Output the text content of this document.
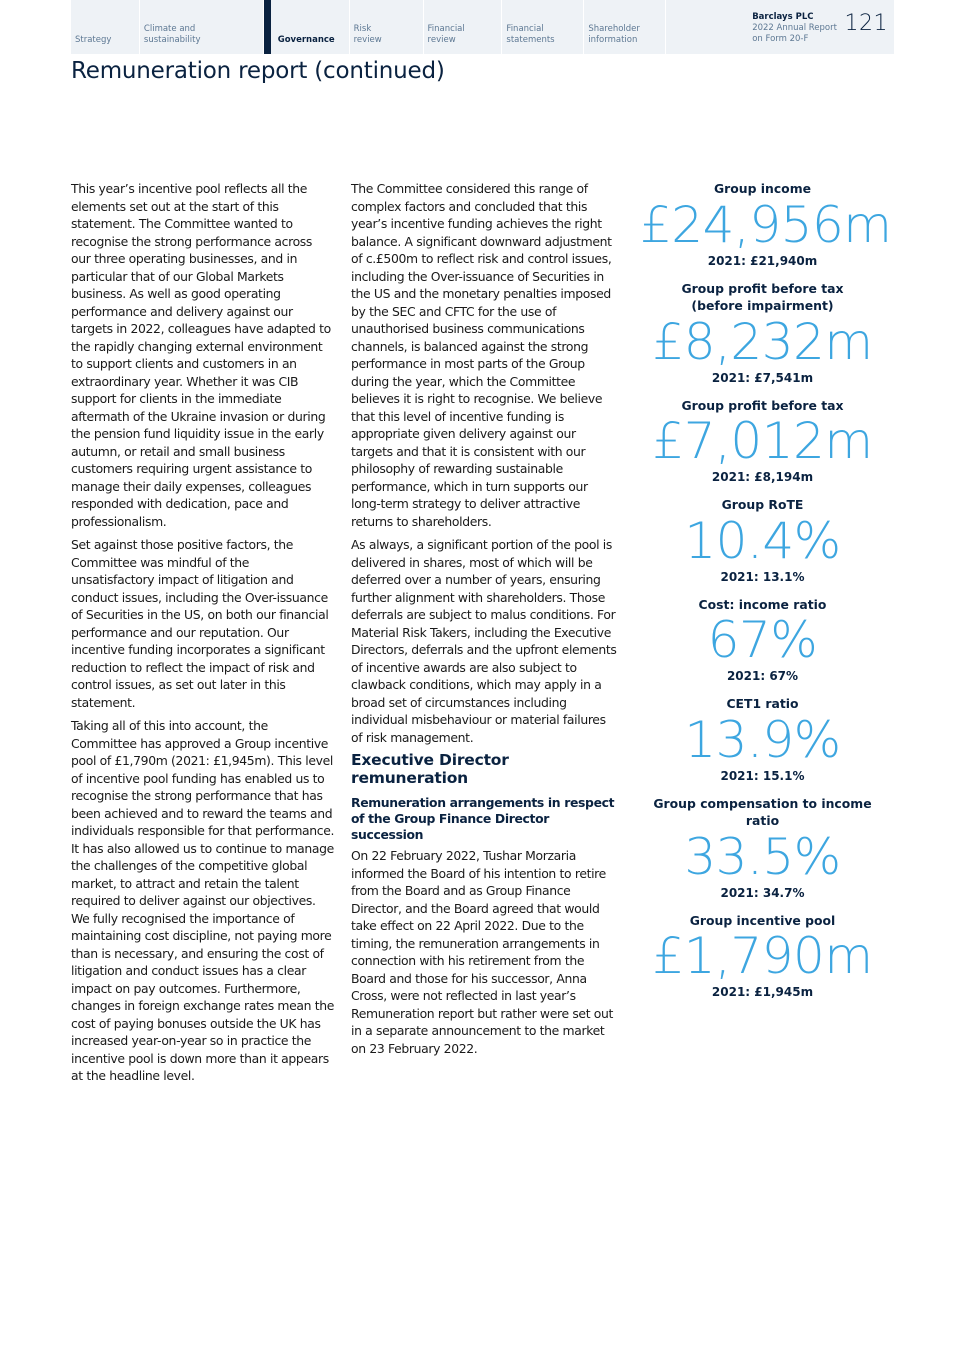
Strategy
Climate and sustainability	Governance
Risk review
Financial review
Financial statements
Shareholder information
Barclays PLC
2022 Annual Report
on Form 20-F
121
Remuneration report (continued)

This year’s incentive pool reflects all the elements set out at the start of this statement. The Committee wanted to recognise the strong performance across our three operating businesses, and in particular that of our Global Markets business. As well as good operating performance and delivery against our targets in 2022, colleagues have adapted to the rapidly changing external environment to support clients and customers in an extraordinary year. Whether it was CIB support for clients in the immediate aftermath of the Ukraine invasion or during the pension fund liquidity issue in the early autumn, or retail and small business customers requiring urgent assistance to manage their daily expenses, colleagues responded with dedication, pace and professionalism.

Set against those positive factors, the Committee was mindful of the unsatisfactory impact of litigation and conduct issues, including the Over-issuance of Securities in the US, on both our financial performance and our reputation. Our incentive funding incorporates a significant reduction to reflect the impact of risk and control issues, as set out later in this statement.

Taking all of this into account, the Committee has approved a Group incentive pool of £1,790m (2021: £1,945m). This level of incentive pool funding has enabled us to recognise the strong performance that has been achieved and to reward the teams and individuals responsible for that performance. It has also allowed us to continue to manage the challenges of the competitive global market, to attract and retain the talent required to deliver against our objectives. We fully recognised the importance of maintaining cost discipline, not paying more than is necessary, and ensuring the cost of litigation and conduct issues has a clear impact on pay outcomes. Furthermore, changes in foreign exchange rates mean the cost of paying bonuses outside the UK has increased year-on-year so in practice the incentive pool is down more than it appears at the headline level.

The Committee considered this range of complex factors and concluded that this year’s incentive funding achieves the right balance. A significant downward adjustment of c.£500m to reflect risk and control issues, including the Over-issuance of Securities in the US and the monetary penalties imposed by the SEC and CFTC for the use of unauthorised business communications channels, is balanced against the strong performance in most parts of the Group during the year, which the Committee believes it is right to recognise. We believe that this level of incentive funding is appropriate given delivery against our targets and that it is consistent with our philosophy of rewarding sustainable performance, which in turn supports our long-term strategy to deliver attractive returns to shareholders.

As always, a significant portion of the pool is delivered in shares, most of which will be deferred over a number of years, ensuring further alignment with shareholders. Those deferrals are subject to malus conditions. For Material Risk Takers, including the Executive Directors, deferrals and the upfront elements of incentive awards are also subject to clawback conditions, which may apply in a broad set of circumstances including individual misbehaviour or material failures of risk management.

Executive Director remuneration
Remuneration arrangements in respect of the Group Finance Director succession

On 22 February 2022, Tushar Morzaria informed the Board of his intention to retire from the Board and as Group Finance Director, and the Board agreed that would take effect on 22 April 2022. Due to the timing, the remuneration arrangements in connection with his retirement from the Board and those for his successor, Anna Cross, were not reflected in last year’s Remuneration report but rather were set out in a separate announcement to the market on 23 February 2022.

Group income
£24,956m
2021: £21,940m
Group profit before tax (before impairment)
£8,232m
2021: £7,541m
Group profit before tax
£7,012m
2021: £8,194m
Group RoTE
10.4%
2021: 13.1%
Cost: income ratio
67%
2021: 67%
CET1 ratio
13.9%
2021: 15.1%
Group compensation to income ratio
33.5%
2021: 34.7%
Group incentive pool
£1,790m
2021: £1,945m
